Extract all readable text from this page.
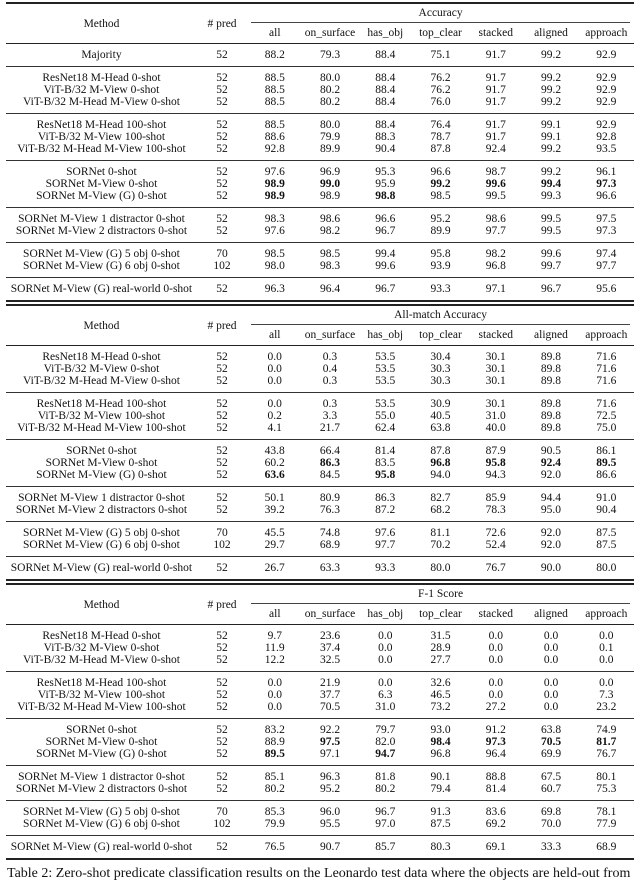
Method	# pred	Accuracy						

		all	on_surface	has_obj	top_clear	stacked	aligned	approach
Majority	52	88.2	79.3	88.4	75.1	91.7	99.2	92.9
ResNet18 M-Head 0-shot	52	88.5	80.0	88.4	76.2	91.7	99.2	92.9
ViT-B/32 M-View 0-shot	52	88.5	80.2	88.4	76.2	91.7	99.2	92.9
ViT-B/32 M-Head M-View 0-shot	52	88.5	80.2	88.4	76.0	91.7	99.2	92.9
ResNet18 M-Head 100-shot	52	88.5	80.0	88.4	76.4	91.7	99.1	92.9
ViT-B/32 M-View 100-shot	52	88.6	79.9	88.3	78.7	91.7	99.1	92.8
ViT-B/32 M-Head M-View 100-shot	52	92.8	89.9	90.4	87.8	92.4	99.2	93.5
SORNet 0-shot	52	97.6	96.9	95.3	96.6	98.7	99.2	96.1
SORNet M-View 0-shot	52	98.9	99.0	95.9	99.2	99.6	99.4	97.3
SORNet M-View (G) 0-shot	52	98.9	98.9	98.8	98.5	99.5	99.3	96.6
SORNet M-View 1 distractor 0-shot	52	98.3	98.6	96.6	95.2	98.6	99.5	97.5
SORNet M-View 2 distractors 0-shot	52	97.6	98.2	96.7	89.9	97.7	99.5	97.3
SORNet M-View (G) 5 obj 0-shot	70	98.5	98.5	99.4	95.8	98.2	99.6	97.4
SORNet M-View (G) 6 obj 0-shot	102	98.0	98.3	99.6	93.9	96.8	99.7	97.7
SORNet M-View (G) real-world 0-shot	52	96.3	96.4	96.7	93.3	97.1	96.7	95.6
Method	# pred	All-match Accuracy						

		all	on_surface	has_obj	top_clear	stacked	aligned	approach
ResNet18 M-Head 0-shot	52	0.0	0.3	53.5	30.4	30.1	89.8	71.6
ViT-B/32 M-View 0-shot	52	0.0	0.4	53.5	30.3	30.1	89.8	71.6
ViT-B/32 M-Head M-View 0-shot	52	0.0	0.3	53.5	30.3	30.1	89.8	71.6
ResNet18 M-Head 100-shot	52	0.0	0.3	53.5	30.9	30.1	89.8	71.6
ViT-B/32 M-View 100-shot	52	0.2	3.3	55.0	40.5	31.0	89.8	72.5
ViT-B/32 M-Head M-View 100-shot	52	4.1	21.7	62.4	63.8	40.0	89.8	75.0
SORNet 0-shot	52	43.8	66.4	81.4	87.8	87.9	90.5	86.1
SORNet M-View 0-shot	52	60.2	86.3	83.5	96.8	95.8	92.4	89.5
SORNet M-View (G) 0-shot	52	63.6	84.5	95.8	94.0	94.3	92.0	86.6
SORNet M-View 1 distractor 0-shot	52	50.1	80.9	86.3	82.7	85.9	94.4	91.0
SORNet M-View 2 distractors 0-shot	52	39.2	76.3	87.2	68.2	78.3	95.0	90.4
SORNet M-View (G) 5 obj 0-shot	70	45.5	74.8	97.6	81.1	72.6	92.0	87.5
SORNet M-View (G) 6 obj 0-shot	102	29.7	68.9	97.7	70.2	52.4	92.0	87.5
SORNet M-View (G) real-world 0-shot	52	26.7	63.3	93.3	80.0	76.7	90.0	80.0
Method	# pred	F-1 Score						

		all	on_surface	has_obj	top_clear	stacked	aligned	approach
ResNet18 M-Head 0-shot	52	9.7	23.6	0.0	31.5	0.0	0.0	0.0
ViT-B/32 M-View 0-shot	52	11.9	37.4	0.0	28.9	0.0	0.0	0.1
ViT-B/32 M-Head M-View 0-shot	52	12.2	32.5	0.0	27.7	0.0	0.0	0.0
ResNet18 M-Head 100-shot	52	0.0	21.9	0.0	32.6	0.0	0.0	0.0
ViT-B/32 M-View 100-shot	52	0.0	37.7	6.3	46.5	0.0	0.0	7.3
ViT-B/32 M-Head M-View 100-shot	52	0.0	70.5	31.0	73.2	27.2	0.0	23.2
SORNet 0-shot	52	83.2	92.2	79.7	93.0	91.2	63.8	74.9
SORNet M-View 0-shot	52	88.9	97.5	82.0	98.4	97.3	70.5	81.7
SORNet M-View (G) 0-shot	52	89.5	97.1	94.7	96.8	96.4	69.9	76.7
SORNet M-View 1 distractor 0-shot	52	85.1	96.3	81.8	90.1	88.8	67.5	80.1
SORNet M-View 2 distractors 0-shot	52	80.2	95.2	80.2	79.4	81.4	60.7	75.3
SORNet M-View (G) 5 obj 0-shot	70	85.3	96.0	96.7	91.3	83.6	69.8	78.1
SORNet M-View (G) 6 obj 0-shot	102	79.9	95.5	97.0	87.5	69.2	70.0	77.9
SORNet M-View (G) real-world 0-shot	52	76.5	90.7	85.7	80.3	69.1	33.3	68.9
Table 2: Zero-shot predicate classification results on the Leonardo test data where the objects are held-out from
